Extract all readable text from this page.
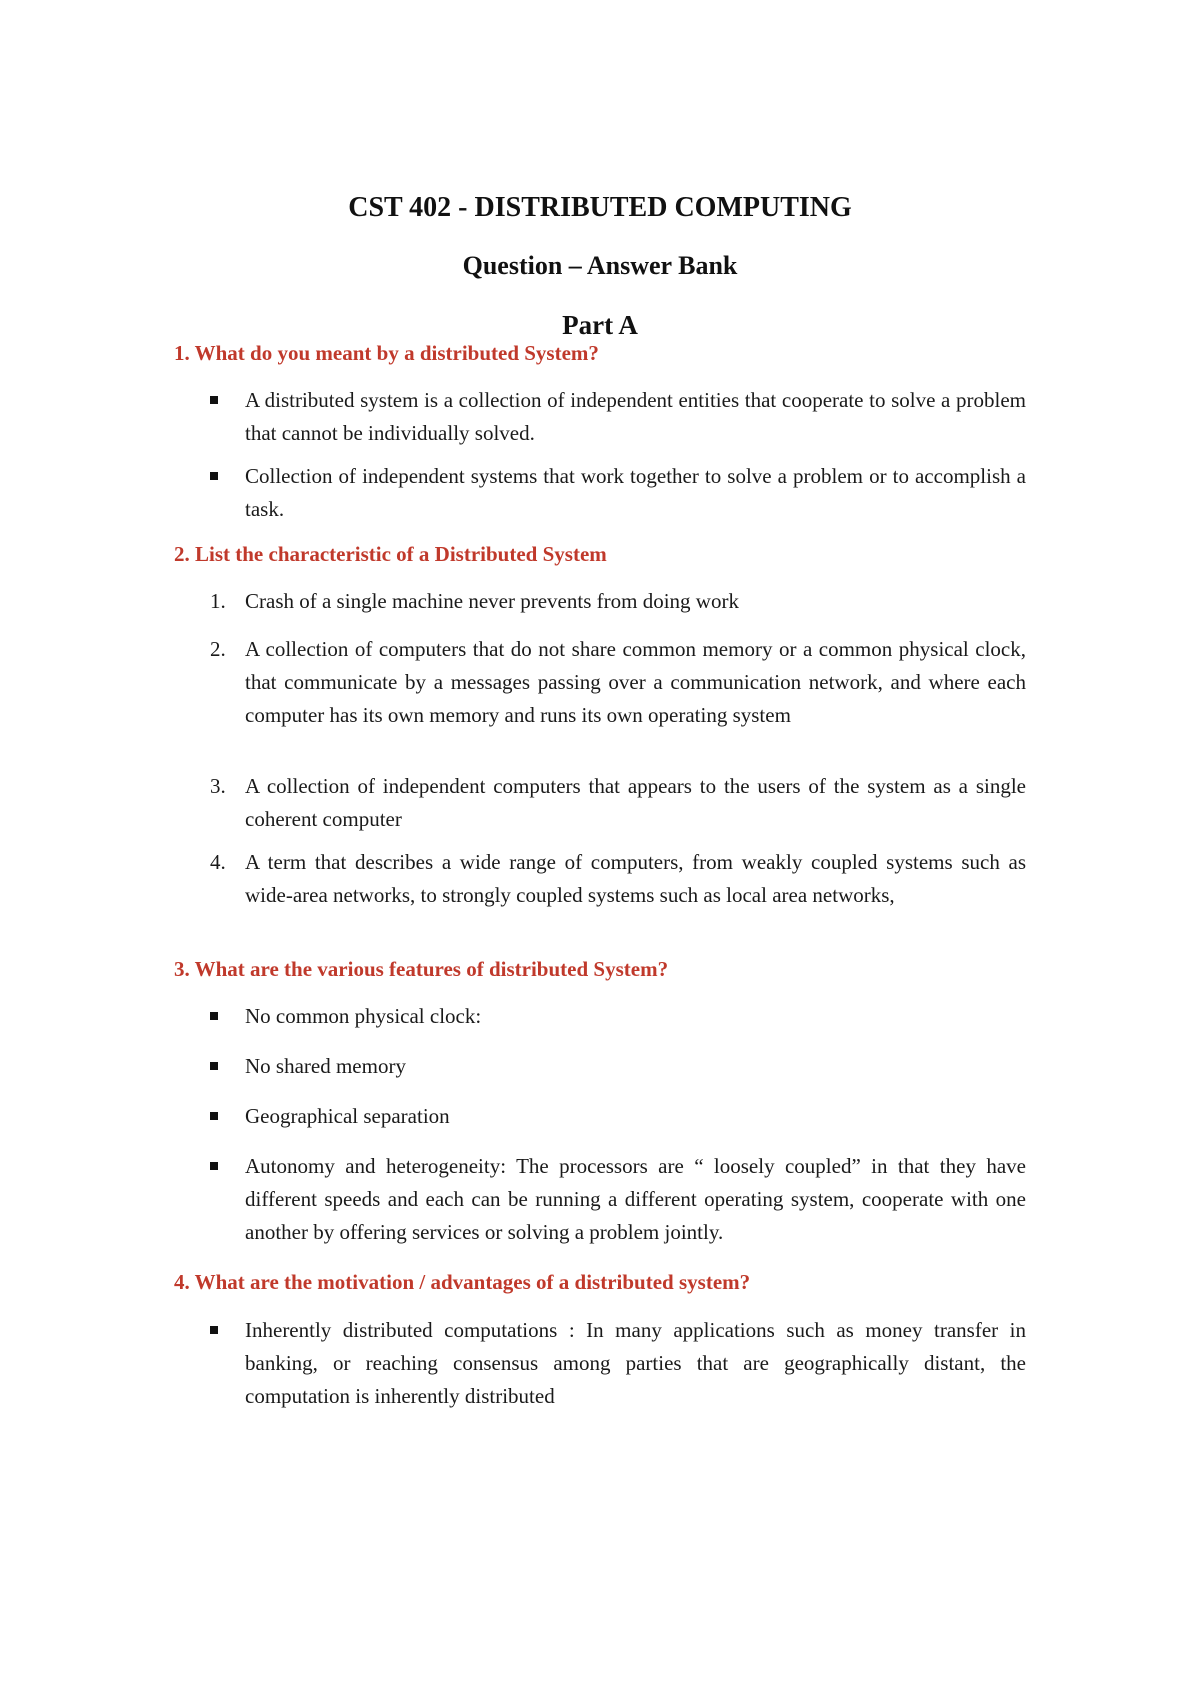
CST 402 - DISTRIBUTED COMPUTING
Question – Answer Bank
Part A
1. What do you meant by a distributed System?
A distributed system is a collection of independent entities that cooperate to solve a problem that cannot be individually solved.
Collection of independent systems that work together to solve a problem or to accomplish a task.
2. List the characteristic of a Distributed System
1. Crash of a single machine never prevents from doing work
2. A collection of computers that do not share common memory or a common physical clock, that communicate by a messages passing over a communication network, and where each computer has its own memory and runs its own operating system
3. A collection of independent computers that appears to the users of the system as a single coherent computer
4. A term that describes a wide range of computers, from weakly coupled systems such as wide-area networks, to strongly coupled systems such as local area networks,
3. What are the various features of distributed System?
No common physical clock:
No shared memory
Geographical separation
Autonomy and heterogeneity: The processors are “ loosely coupled” in that they have different speeds and each can be running a different operating system, cooperate with one another by offering services or solving a problem jointly.
4. What are the motivation / advantages of a distributed system?
Inherently distributed computations : In many applications such as money transfer in banking, or reaching consensus among parties that are geographically distant, the computation is inherently distributed
